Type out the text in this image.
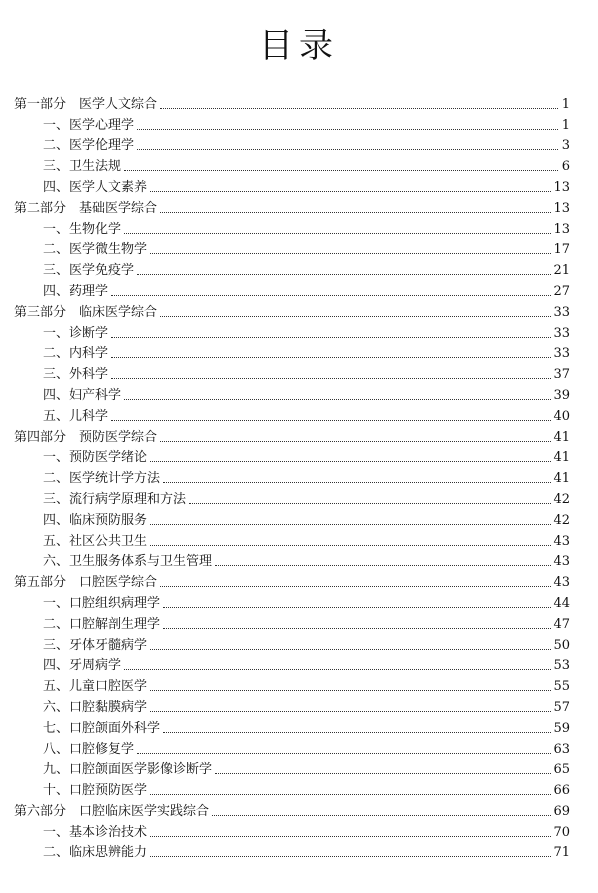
目录
第一部分　医学人文综合	1
一、医学心理学	1
二、医学伦理学	3
三、卫生法规	6
四、医学人文素养	13
第二部分　基础医学综合	13
一、生物化学	13
二、医学微生物学	17
三、医学免疫学	21
四、药理学	27
第三部分　临床医学综合	33
一、诊断学	33
二、内科学	33
三、外科学	37
四、妇产科学	39
五、儿科学	40
第四部分　预防医学综合	41
一、预防医学绪论	41
二、医学统计学方法	41
三、流行病学原理和方法	42
四、临床预防服务	42
五、社区公共卫生	43
六、卫生服务体系与卫生管理	43
第五部分　口腔医学综合	43
一、口腔组织病理学	44
二、口腔解剖生理学	47
三、牙体牙髓病学	50
四、牙周病学	53
五、儿童口腔医学	55
六、口腔黏膜病学	57
七、口腔颌面外科学	59
八、口腔修复学	63
九、口腔颌面医学影像诊断学	65
十、口腔预防医学	66
第六部分　口腔临床医学实践综合	69
一、基本诊治技术	70
二、临床思辨能力	71
